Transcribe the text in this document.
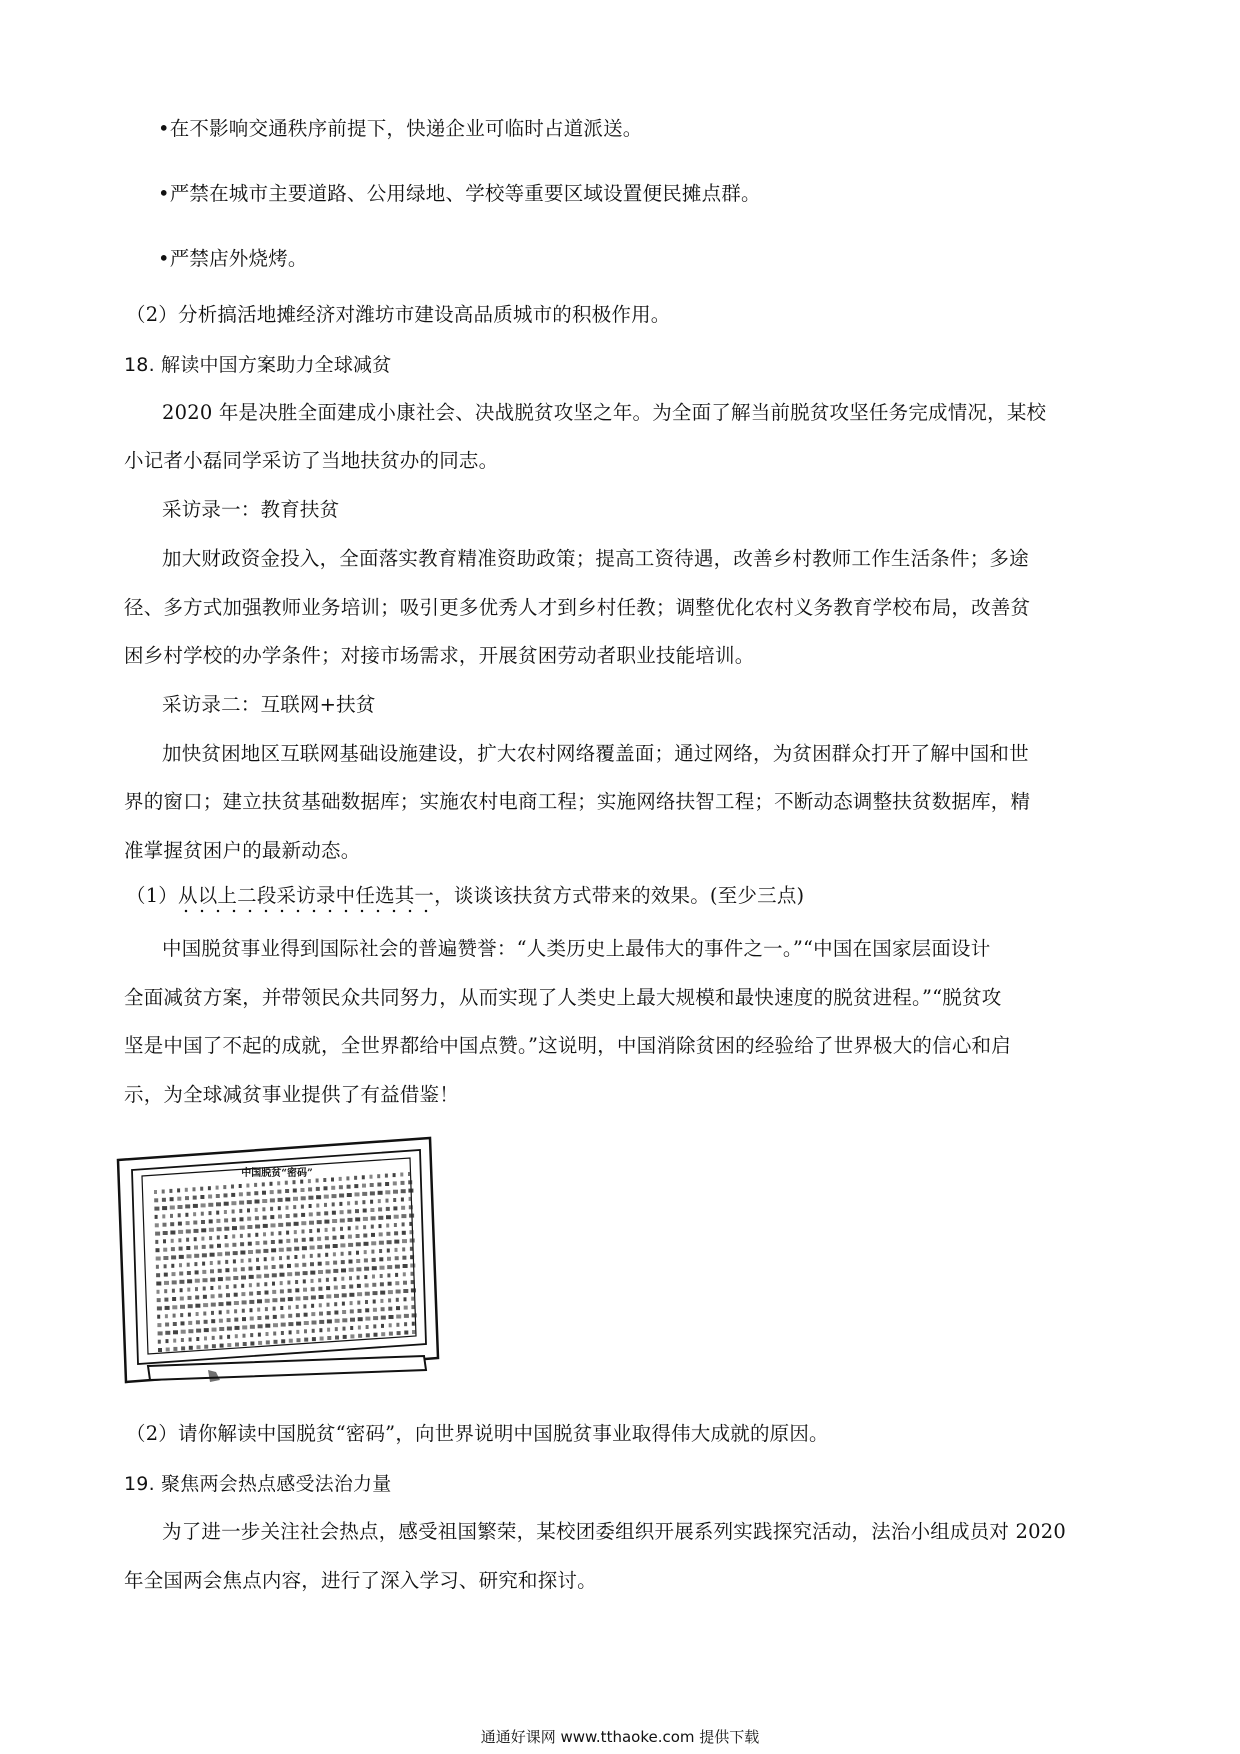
•在不影响交通秩序前提下，快递企业可临时占道派送。
•严禁在城市主要道路、公用绿地、学校等重要区域设置便民摊点群。
•严禁店外烧烤。
（2）分析搞活地摊经济对潍坊市建设高品质城市的积极作用。
18. 解读中国方案助力全球减贫
2020 年是决胜全面建成小康社会、决战脱贫攻坚之年。为全面了解当前脱贫攻坚任务完成情况，某校
小记者小磊同学采访了当地扶贫办的同志。
采访录一：教育扶贫
加大财政资金投入，全面落实教育精准资助政策；提高工资待遇，改善乡村教师工作生活条件；多途
径、多方式加强教师业务培训；吸引更多优秀人才到乡村任教；调整优化农村义务教育学校布局，改善贫
困乡村学校的办学条件；对接市场需求，开展贫困劳动者职业技能培训。
采访录二：互联网+扶贫
加快贫困地区互联网基础设施建设，扩大农村网络覆盖面；通过网络，为贫困群众打开了解中国和世
界的窗口；建立扶贫基础数据库；实施农村电商工程；实施网络扶智工程；不断动态调整扶贫数据库，精
准掌握贫困户的最新动态。
（1）从以上二段采访录中任选其一，谈谈该扶贫方式带来的效果。(至少三点)
中国脱贫事业得到国际社会的普遍赞誉：“人类历史上最伟大的事件之一。”“中国在国家层面设计
全面减贫方案，并带领民众共同努力，从而实现了人类史上最大规模和最快速度的脱贫进程。”“脱贫攻
坚是中国了不起的成就，全世界都给中国点赞。”这说明，中国消除贫困的经验给了世界极大的信心和启
示，为全球减贫事业提供了有益借鉴！
中国脱贫“密码”
（2）请你解读中国脱贫“密码”，向世界说明中国脱贫事业取得伟大成就的原因。
19. 聚焦两会热点感受法治力量
为了进一步关注社会热点，感受祖国繁荣，某校团委组织开展系列实践探究活动，法治小组成员对 2020
年全国两会焦点内容，进行了深入学习、研究和探讨。
通通好课网 www.tthaoke.com 提供下载
